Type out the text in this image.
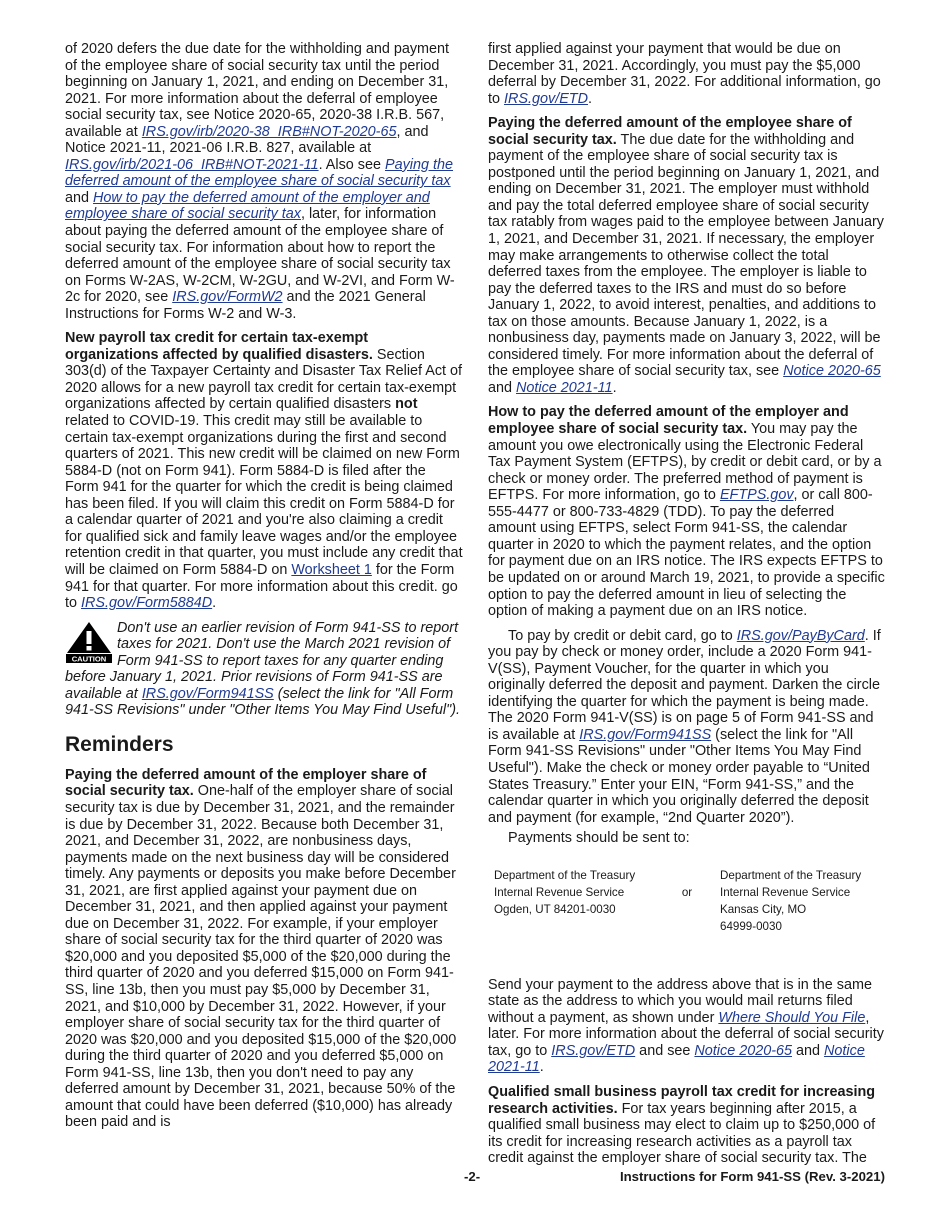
of 2020 defers the due date for the withholding and payment of the employee share of social security tax until the period beginning on January 1, 2021, and ending on December 31, 2021. For more information about the deferral of employee social security tax, see Notice 2020-65, 2020-38 I.R.B. 567, available at IRS.gov/irb/2020-38_IRB#NOT-2020-65, and Notice 2021-11, 2021-06 I.R.B. 827, available at IRS.gov/irb/2021-06_IRB#NOT-2021-11. Also see Paying the deferred amount of the employee share of social security tax and How to pay the deferred amount of the employer and employee share of social security tax, later, for information about paying the deferred amount of the employee share of social security tax. For information about how to report the deferred amount of the employee share of social security tax on Forms W-2AS, W-2CM, W-2GU, and W-2VI, and Form W-2c for 2020, see IRS.gov/FormW2 and the 2021 General Instructions for Forms W-2 and W-3.

New payroll tax credit for certain tax-exempt organizations affected by qualified disasters. Section 303(d) of the Taxpayer Certainty and Disaster Tax Relief Act of 2020 allows for a new payroll tax credit for certain tax-exempt organizations affected by certain qualified disasters not related to COVID-19. This credit may still be available to certain tax-exempt organizations during the first and second quarters of 2021. This new credit will be claimed on new Form 5884-D (not on Form 941). Form 5884-D is filed after the Form 941 for the quarter for which the credit is being claimed has been filed. If you will claim this credit on Form 5884-D for a calendar quarter of 2021 and you're also claiming a credit for qualified sick and family leave wages and/or the employee retention credit in that quarter, you must include any credit that will be claimed on Form 5884-D on Worksheet 1 for the Form 941 for that quarter. For more information about this credit. go to IRS.gov/Form5884D.

CAUTION
Don't use an earlier revision of Form 941-SS to report taxes for 2021. Don't use the March 2021 revision of Form 941-SS to report taxes for any quarter ending before January 1, 2021. Prior revisions of Form 941-SS are available at IRS.gov/Form941SS (select the link for "All Form 941-SS Revisions" under "Other Items You May Find Useful").
Reminders

Paying the deferred amount of the employer share of social security tax. One-half of the employer share of social security tax is due by December 31, 2021, and the remainder is due by December 31, 2022. Because both December 31, 2021, and December 31, 2022, are nonbusiness days, payments made on the next business day will be considered timely. Any payments or deposits you make before December 31, 2021, are first applied against your payment due on December 31, 2021, and then applied against your payment due on December 31, 2022. For example, if your employer share of social security tax for the third quarter of 2020 was $20,000 and you deposited $5,000 of the $20,000 during the third quarter of 2020 and you deferred $15,000 on Form 941-SS, line 13b, then you must pay $5,000 by December 31, 2021, and $10,000 by December 31, 2022. However, if your employer share of social security tax for the third quarter of 2020 was $20,000 and you deposited $15,000 of the $20,000 during the third quarter of 2020 and you deferred $5,000 on Form 941-SS, line 13b, then you don't need to pay any deferred amount by December 31, 2021, because 50% of the amount that could have been deferred ($10,000) has already been paid and is

first applied against your payment that would be due on December 31, 2021. Accordingly, you must pay the $5,000 deferral by December 31, 2022. For additional information, go to IRS.gov/ETD.

Paying the deferred amount of the employee share of social security tax. The due date for the withholding and payment of the employee share of social security tax is postponed until the period beginning on January 1, 2021, and ending on December 31, 2021. The employer must withhold and pay the total deferred employee share of social security tax ratably from wages paid to the employee between January 1, 2021, and December 31, 2021. If necessary, the employer may make arrangements to otherwise collect the total deferred taxes from the employee. The employer is liable to pay the deferred taxes to the IRS and must do so before January 1, 2022, to avoid interest, penalties, and additions to tax on those amounts. Because January 1, 2022, is a nonbusiness day, payments made on January 3, 2022, will be considered timely. For more information about the deferral of the employee share of social security tax, see Notice 2020-65 and Notice 2021-11.

How to pay the deferred amount of the employer and employee share of social security tax. You may pay the amount you owe electronically using the Electronic Federal Tax Payment System (EFTPS), by credit or debit card, or by a check or money order. The preferred method of payment is EFTPS. For more information, go to EFTPS.gov, or call 800-555-4477 or 800-733-4829 (TDD). To pay the deferred amount using EFTPS, select Form 941-SS, the calendar quarter in 2020 to which the payment relates, and the option for payment due on an IRS notice. The IRS expects EFTPS to be updated on or around March 19, 2021, to provide a specific option to pay the deferred amount in lieu of selecting the option of making a payment due on an IRS notice.

To pay by credit or debit card, go to IRS.gov/PayByCard. If you pay by check or money order, include a 2020 Form 941-V(SS), Payment Voucher, for the quarter in which you originally deferred the deposit and payment. Darken the circle identifying the quarter for which the payment is being made. The 2020 Form 941-V(SS) is on page 5 of Form 941-SS and is available at IRS.gov/Form941SS (select the link for "All Form 941-SS Revisions" under "Other Items You May Find Useful"). Make the check or money order payable to “United States Treasury.” Enter your EIN, “Form 941-SS,” and the calendar quarter in which you originally deferred the deposit and payment (for example, “2nd Quarter 2020”).

Payments should be sent to:

Department of the Treasury
Internal Revenue Service
Ogden, UT 84201-0030
or
Department of the Treasury
Internal Revenue Service
Kansas City, MO
64999-0030

Send your payment to the address above that is in the same state as the address to which you would mail returns filed without a payment, as shown under Where Should You File, later. For more information about the deferral of social security tax, go to IRS.gov/ETD and see Notice 2020-65 and Notice 2021-11.

Qualified small business payroll tax credit for increasing research activities. For tax years beginning after 2015, a qualified small business may elect to claim up to $250,000 of its credit for increasing research activities as a payroll tax credit against the employer share of social security tax. The

-2-	Instructions for Form 941-SS (Rev. 3-2021)
